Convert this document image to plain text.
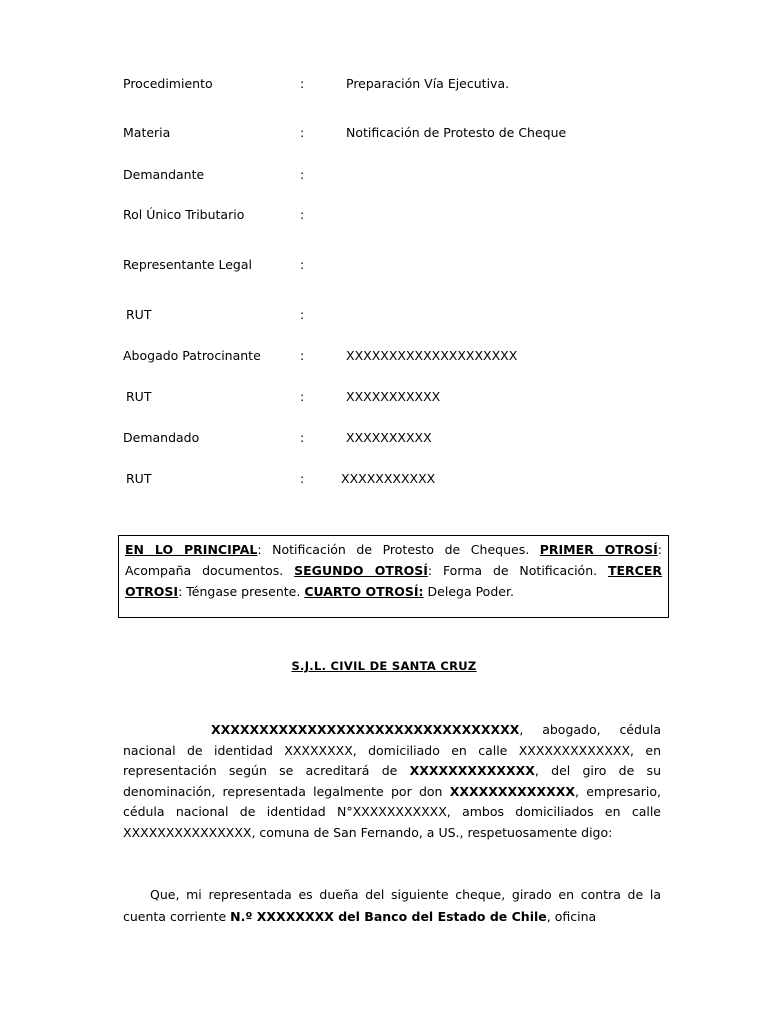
Procedimiento	:	Preparación Vía Ejecutiva.
Materia	:	Notificación de Protesto de Cheque
Demandante	:
Rol Único Tributario	:
Representante Legal	:
RUT	:
Abogado Patrocinante	:	XXXXXXXXXXXXXXXXXXXX
RUT	:	XXXXXXXXXXX
Demandado	:	XXXXXXXXXX
RUT	:	XXXXXXXXXXX
EN LO PRINCIPAL: Notificación de Protesto de Cheques. PRIMER OTROSÍ: Acompaña documentos. SEGUNDO OTROSÍ: Forma de Notificación. TERCER OTROSI: Téngase presente. CUARTO OTROSÍ: Delega Poder.
S.J.L. CIVIL DE SANTA CRUZ
XXXXXXXXXXXXXXXXXXXXXXXXXXXXXXXX, abogado, cédula nacional de identidad XXXXXXXX, domiciliado en calle XXXXXXXXXXXXX, en representación según se acreditará de XXXXXXXXXXXXX, del giro de su denominación, representada legalmente por don XXXXXXXXXXXXX, empresario, cédula nacional de identidad N°XXXXXXXXXXX, ambos domiciliados en calle XXXXXXXXXXXXXXX, comuna de San Fernando, a US., respetuosamente digo:
Que, mi representada es dueña del siguiente cheque, girado en contra de la cuenta corriente N.º XXXXXXXX del Banco del Estado de Chile, oficina
